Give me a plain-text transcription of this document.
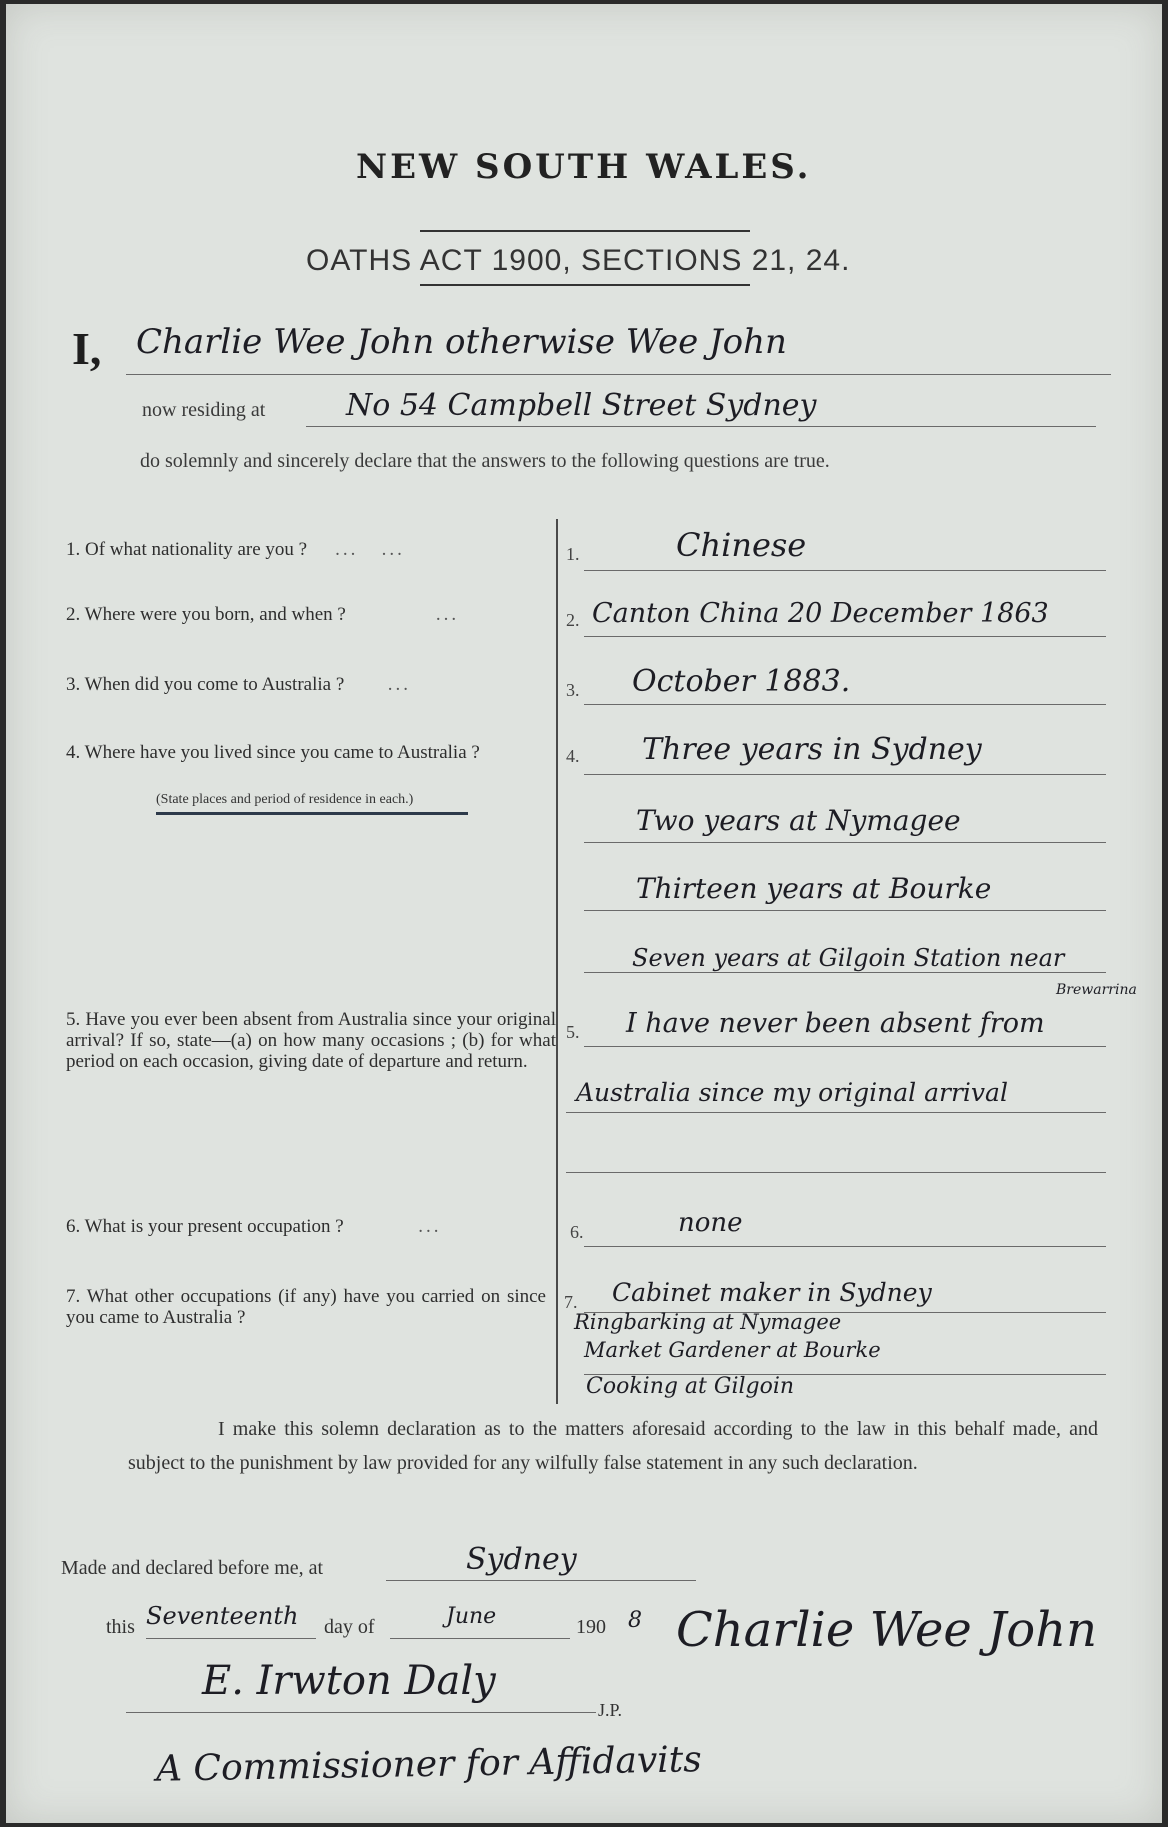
NEW SOUTH WALES.
OATHS ACT 1900, SECTIONS 21, 24.
I, Charlie Wee John otherwise Wee John
now residing at	No 54 Campbell Street Sydney
do solemnly and sincerely declare that the answers to the following questions are true.
1. Of what nationality are you ?    ...   ...	1.	Chinese
2. Where were you born, and when ?            ...	2. Canton China 20 December 1863
3. When did you come to Australia ?      ...	3. October 1883.
4. Where have you lived since you came to Australia ?
(State places and period of residence in each.)
4. Three years in Sydney
Two years at Nymagee
Thirteen years at Bourke
Seven years at Gilgoin Station near
Brewarrina
5. Have you ever been absent from Australia since your original arrival? If so, state—(a) on how many occasions ; (b) for what period on each occasion, giving date of departure and return.
5. I have never been absent from
Australia since my original arrival
6. What is your present occupation ?          ...	6.	none
7. What other occupations (if any) have you carried on since you came to Australia ?
7. Cabinet maker in Sydney
Ringbarking at Nymagee
Market Gardener at Bourke
Cooking at Gilgoin
I make this solemn declaration as to the matters aforesaid according to the law in this behalf made, and subject to the punishment by law provided for any wilfully false statement in any such declaration.
Made and declared before me, at	Sydney
this Seventeenth day of	June	190 8 Charlie Wee John
E. Irwton Daly
J.P.
A Commissioner for Affidavits
